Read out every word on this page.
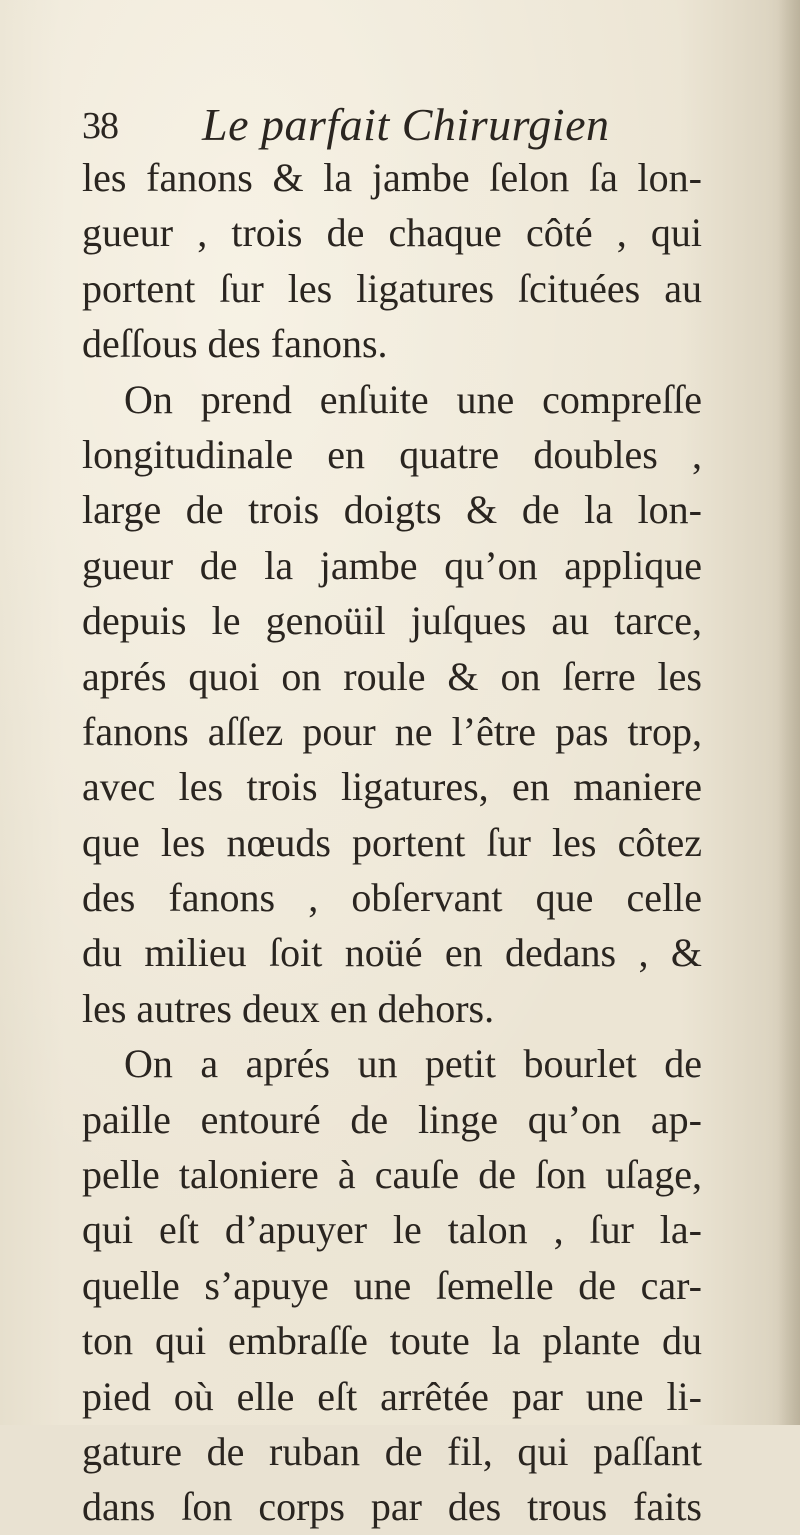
38 Le parfait Chirurgien
les fanons & la jambe ſelon ſa lon-
gueur , trois de chaque côté , qui
portent ſur les ligatures ſcituées au
deſſous des fanons.
On prend enſuite une compreſſe
longitudinale en quatre doubles ,
large de trois doigts & de la lon-
gueur de la jambe qu’on applique
depuis le genoüil juſques au tarce,
aprés quoi on roule & on ſerre les
fanons aſſez pour ne l’être pas trop,
avec les trois ligatures, en maniere
que les nœuds portent ſur les côtez
des fanons , obſervant que celle
du milieu ſoit noüé en dedans , &
les autres deux en dehors.
On a aprés un petit bourlet de
paille entouré de linge qu’on ap-
pelle taloniere à cauſe de ſon uſage,
qui eſt d’apuyer le talon , ſur la-
quelle s’apuye une ſemelle de car-
ton qui embraſſe toute la plante du
pied où elle eſt arrêtée par une li-
gature de ruban de fil, qui paſſant
dans ſon corps par des trous faits
